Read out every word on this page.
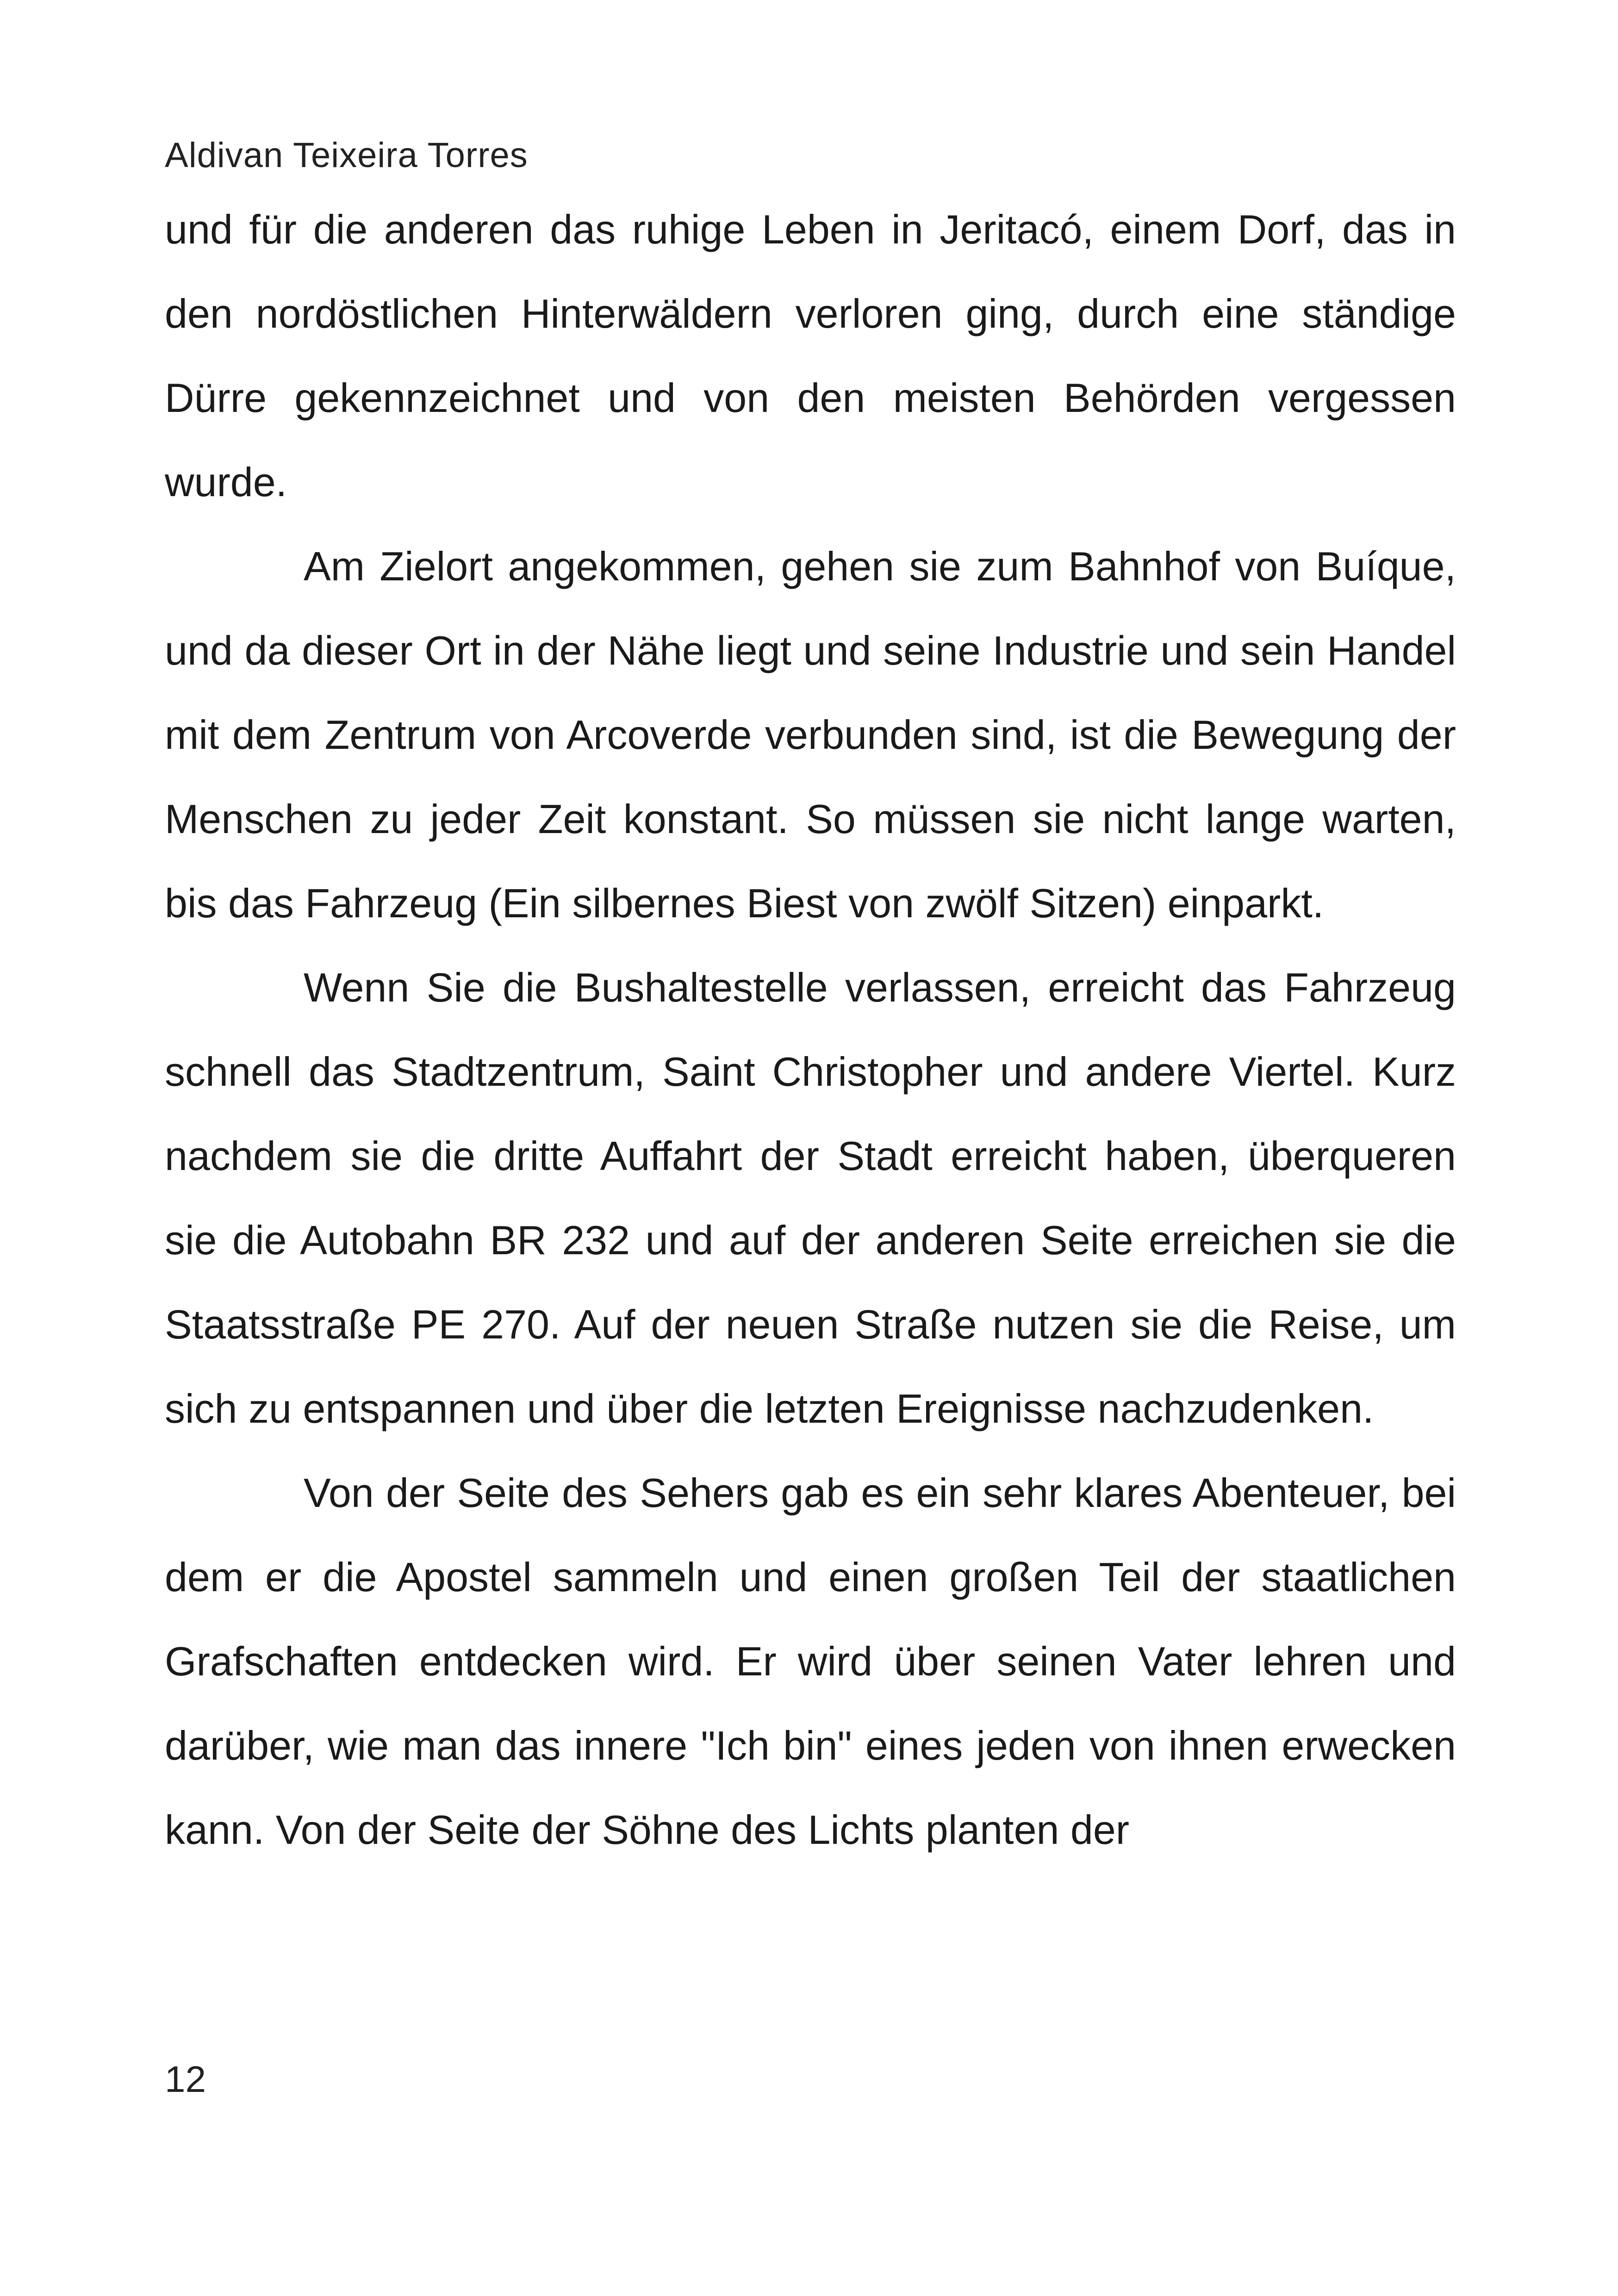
Aldivan Teixeira Torres

und für die anderen das ruhige Leben in Jeritacó, einem Dorf, das in den nordöstlichen Hinterwäldern verloren ging, durch eine ständige Dürre gekennzeichnet und von den meisten Behörden vergessen wurde.

Am Zielort angekommen, gehen sie zum Bahnhof von Buíque, und da dieser Ort in der Nähe liegt und seine Industrie und sein Handel mit dem Zentrum von Arcoverde verbunden sind, ist die Bewegung der Menschen zu jeder Zeit konstant. So müssen sie nicht lange warten, bis das Fahrzeug (Ein silbernes Biest von zwölf Sitzen) einparkt.

Wenn Sie die Bushaltestelle verlassen, erreicht das Fahrzeug schnell das Stadtzentrum, Saint Christopher und andere Viertel. Kurz nachdem sie die dritte Auffahrt der Stadt erreicht haben, überqueren sie die Autobahn BR 232 und auf der anderen Seite erreichen sie die Staatsstraße PE 270. Auf der neuen Straße nutzen sie die Reise, um sich zu entspannen und über die letzten Ereignisse nachzudenken.

Von der Seite des Sehers gab es ein sehr klares Abenteuer, bei dem er die Apostel sammeln und einen großen Teil der staatlichen Grafschaften entdecken wird. Er wird über seinen Vater lehren und darüber, wie man das innere "Ich bin" eines jeden von ihnen erwecken kann. Von der Seite der Söhne des Lichts planten der

12
